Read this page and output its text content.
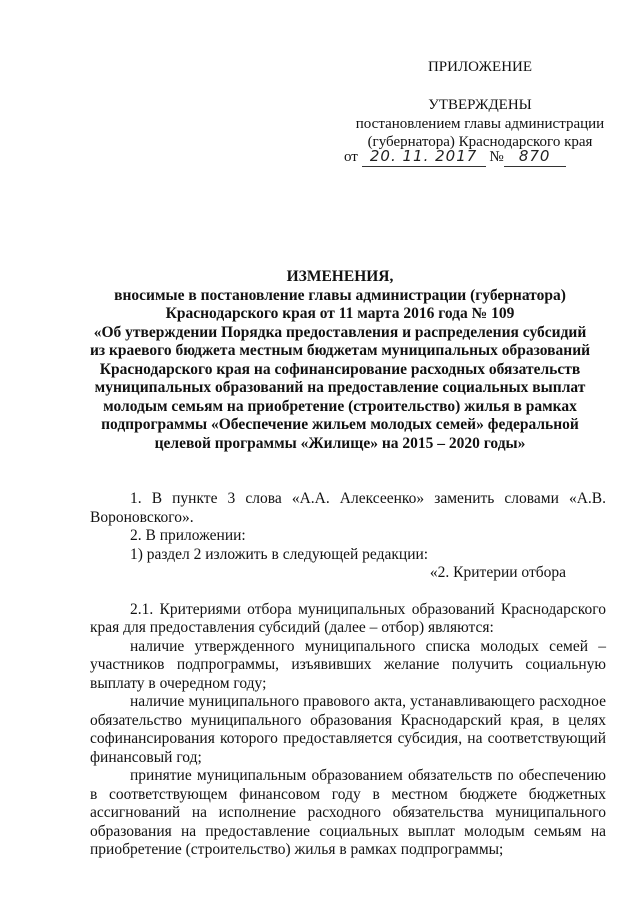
ПРИЛОЖЕНИЕ
УТВЕРЖДЕНЫ
постановлением главы администрации
(губернатора) Краснодарского края
от 20. 11. 2017 № 870
ИЗМЕНЕНИЯ,
вносимые в постановление главы администрации (губернатора)
Краснодарского края от 11 марта 2016 года № 109
«Об утверждении Порядка предоставления и распределения субсидий
из краевого бюджета местным бюджетам муниципальных образований
Краснодарского края на софинансирование расходных обязательств
муниципальных образований на предоставление социальных выплат
молодым семьям на приобретение (строительство) жилья в рамках
подпрограммы «Обеспечение жильем молодых семей» федеральной
целевой программы «Жилище» на 2015 – 2020 годы»

1. В пункте 3 слова «А.А. Алексеенко» заменить словами «А.В. Вороновского».

2. В приложении:

1) раздел 2 изложить в следующей редакции:

«2. Критерии отбора

2.1. Критериями отбора муниципальных образований Краснодарского края для предоставления субсидий (далее – отбор) являются:

наличие утвержденного муниципального списка молодых семей – участников подпрограммы, изъявивших желание получить социальную выплату в очередном году;

наличие муниципального правового акта, устанавливающего расходное обязательство муниципального образования Краснодарский края, в целях софинансирования которого предоставляется субсидия, на соответствующий финансовый год;

принятие муниципальным образованием обязательств по обеспечению в соответствующем финансовом году в местном бюджете бюджетных ассигнований на исполнение расходного обязательства муниципального образования на предоставление социальных выплат молодым семьям на приобретение (строительство) жилья в рамках подпрограммы;
